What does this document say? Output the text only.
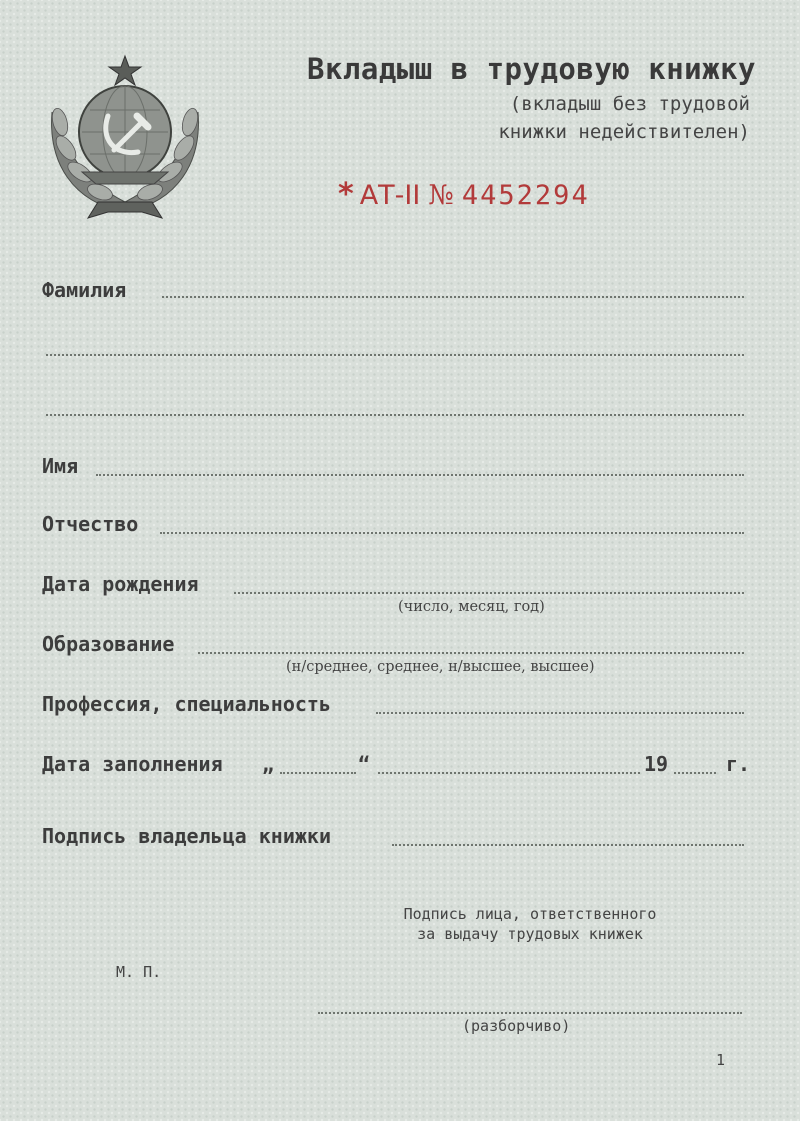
Вкладыш в трудовую книжку
(вкладыш без трудовой
книжки недействителен)
* АТ-II № 4452294
Фамилия
Имя
Отчество
Дата рождения
(число, месяц, год)
Образование
(н/среднее, среднее, н/высшее, высшее)
Профессия, специальность
Дата заполнения „	“	19	г.
Подпись владельца книжки
Подпись лица, ответственного
за выдачу трудовых книжек
М. П.
(разборчиво)
1
